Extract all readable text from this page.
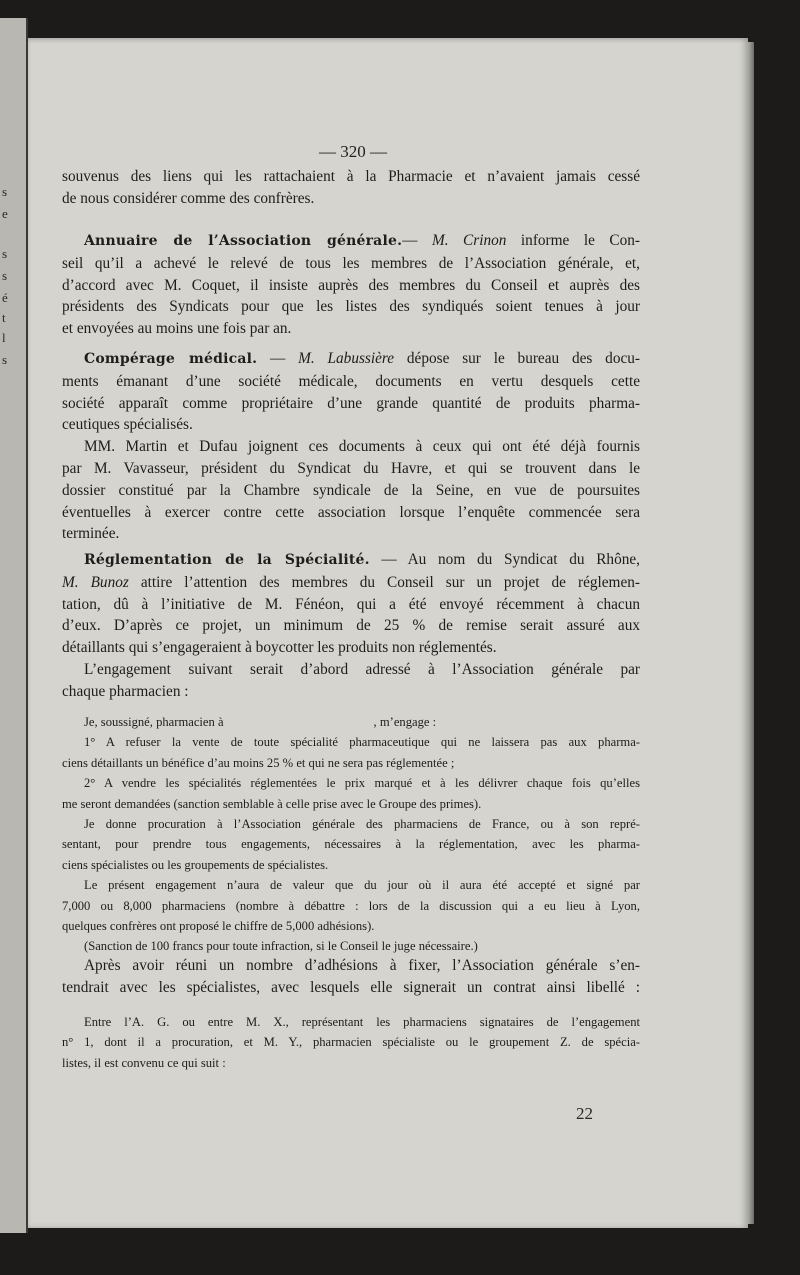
s
e
s
s
é
t
l
s
— 320 —
souvenus des liens qui les rattachaient à la Pharmacie et n’avaient jamais cessé
de nous considérer comme des confrères.
Annuaire de l’Association générale.— M. Crinon informe le Con-
seil qu’il a achevé le relevé de tous les membres de l’Association générale, et,
d’accord avec M. Coquet, il insiste auprès des membres du Conseil et auprès des
présidents des Syndicats pour que les listes des syndiqués soient tenues à jour
et envoyées au moins une fois par an.
Compérage médical. — M. Labussière dépose sur le bureau des docu-
ments émanant d’une société médicale, documents en vertu desquels cette
société apparaît comme propriétaire d’une grande quantité de produits pharma-
ceutiques spécialisés.
MM. Martin et Dufau joignent ces documents à ceux qui ont été déjà fournis
par M. Vavasseur, président du Syndicat du Havre, et qui se trouvent dans le
dossier constitué par la Chambre syndicale de la Seine, en vue de poursuites
éventuelles à exercer contre cette association lorsque l’enquête commencée sera
terminée.
Réglementation de la Spécialité. — Au nom du Syndicat du Rhône,
M. Bunoz attire l’attention des membres du Conseil sur un projet de réglemen-
tation, dû à l’initiative de M. Fénéon, qui a été envoyé récemment à chacun
d’eux. D’après ce projet, un minimum de 25 % de remise serait assuré aux
détaillants qui s’engageraient à boycotter les produits non réglementés.
L’engagement suivant serait d’abord adressé à l’Association générale par
chaque pharmacien :
Je, soussigné, pharmacien à	, m’engage :
1° A refuser la vente de toute spécialité pharmaceutique qui ne laissera pas aux pharma-
ciens détaillants un bénéfice d’au moins 25 % et qui ne sera pas réglementée ;
2° A vendre les spécialités réglementées le prix marqué et à les délivrer chaque fois qu’elles
me seront demandées (sanction semblable à celle prise avec le Groupe des primes).
Je donne procuration à l’Association générale des pharmaciens de France, ou à son repré-
sentant, pour prendre tous engagements, nécessaires à la réglementation, avec les pharma-
ciens spécialistes ou les groupements de spécialistes.
Le présent engagement n’aura de valeur que du jour où il aura été accepté et signé par
7,000 ou 8,000 pharmaciens (nombre à débattre : lors de la discussion qui a eu lieu à Lyon,
quelques confrères ont proposé le chiffre de 5,000 adhésions).
(Sanction de 100 francs pour toute infraction, si le Conseil le juge nécessaire.)
Après avoir réuni un nombre d’adhésions à fixer, l’Association générale s’en-
tendrait avec les spécialistes, avec lesquels elle signerait un contrat ainsi libellé :
Entre l’A. G. ou entre M. X., représentant les pharmaciens signataires de l’engagement
n° 1, dont il a procuration, et M. Y., pharmacien spécialiste ou le groupement Z. de spécia-
listes, il est convenu ce qui suit :
22
